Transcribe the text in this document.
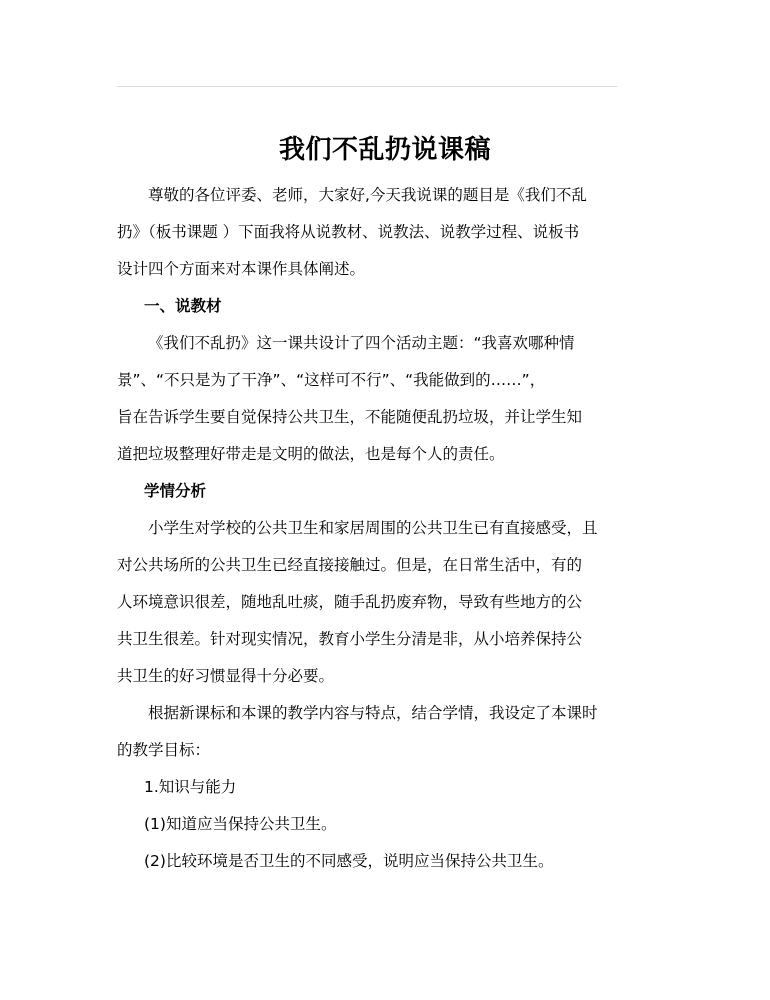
我们不乱扔说课稿

尊敬的各位评委、老师，大家好,今天我说课的题目是《我们不乱
扔》（板书课题 ）下面我将从说教材、说教法、说教学过程、说板书
设计四个方面来对本课作具体阐述。

一、说教材

《我们不乱扔》这一课共设计了四个活动主题：“我喜欢哪种情
景”、“不只是为了干净”、“这样可不行”、“我能做到的……”，
旨在告诉学生要自觉保持公共卫生，不能随便乱扔垃圾，并让学生知
道把垃圾整理好带走是文明的做法，也是每个人的责任。

学情分析

小学生对学校的公共卫生和家居周围的公共卫生已有直接感受，且
对公共场所的公共卫生已经直接接触过。但是，在日常生活中，有的
人环境意识很差，随地乱吐痰，随手乱扔废弃物，导致有些地方的公
共卫生很差。针对现实情况，教育小学生分清是非，从小培养保持公
共卫生的好习惯显得十分必要。

根据新课标和本课的教学内容与特点，结合学情，我设定了本课时
的教学目标：

1.知识与能力

(1)知道应当保持公共卫生。

(2)比较环境是否卫生的不同感受，说明应当保持公共卫生。
